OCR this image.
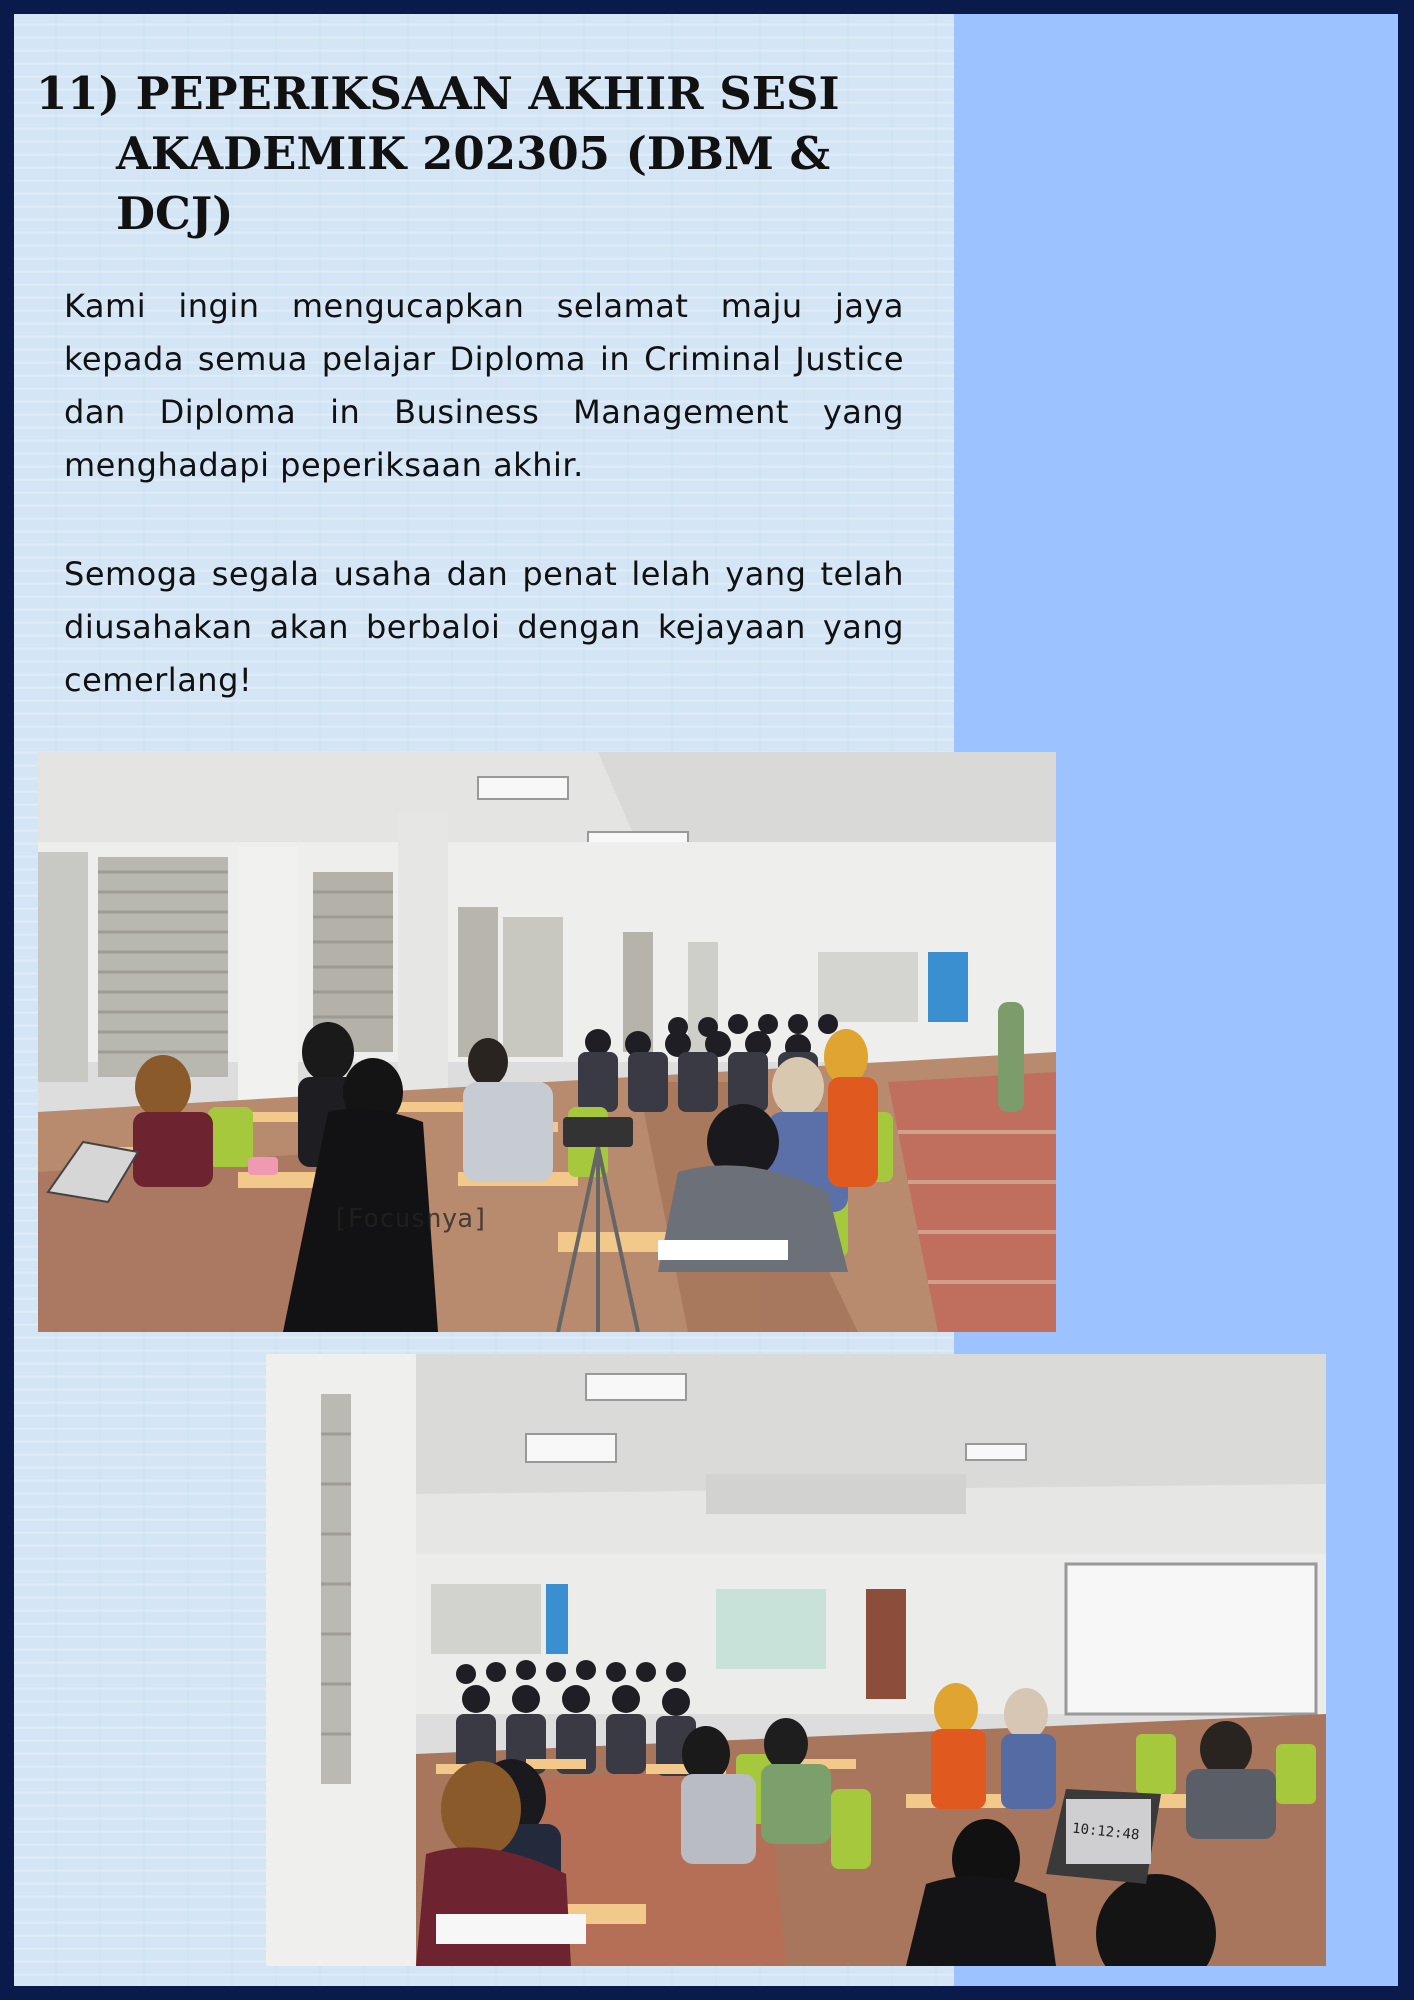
11) PEPERIKSAAN AKHIR SESI
AKADEMIK 202305 (DBM & DCJ)

Kami ingin mengucapkan selamat maju jaya kepada semua pelajar Diploma in Criminal Justice dan Diploma in Business Management yang menghadapi peperiksaan akhir.

Semoga segala usaha dan penat lelah yang telah diusahakan akan berbaloi dengan kejayaan yang cemerlang!

[Focusnya]
10:12:48
